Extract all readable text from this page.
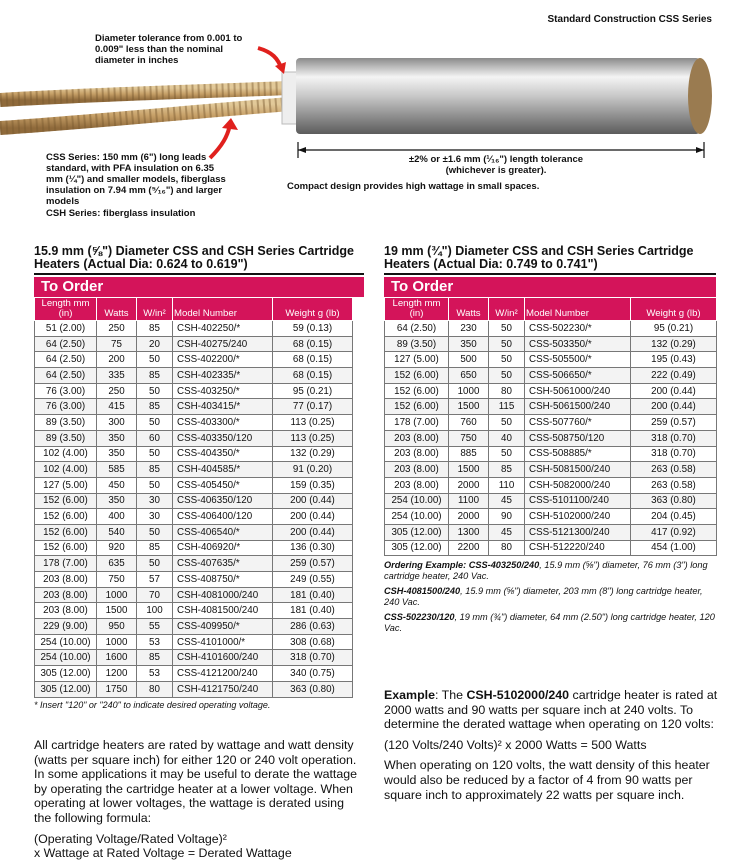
Standard Construction CSS Series
Diameter tolerance from 0.001 to 0.009" less than the nominal diameter in inches
±2% or ±1.6 mm (¹⁄₁₆") length tolerance (whichever is greater).
Compact design provides high wattage in small spaces.
CSS Series: 150 mm (6") long leads standard, with PFA insulation on 6.35 mm (¼") and smaller models, fiberglass insulation on 7.94 mm (⁵⁄₁₆") and larger models
CSH Series: fiberglass insulation
15.9 mm (⅝") Diameter CSS and CSH Series Cartridge Heaters (Actual Dia: 0.624 to 0.619")
To Order
Length mm (in)	Watts	W/in²	Model Number	Weight g (lb)
51 (2.00)	250	85	CSH-402250/*	59 (0.13)
64 (2.50)	75	20	CSH-40275/240	68 (0.15)
64 (2.50)	200	50	CSS-402200/*	68 (0.15)
64 (2.50)	335	85	CSH-402335/*	68 (0.15)
76 (3.00)	250	50	CSS-403250/*	95 (0.21)
76 (3.00)	415	85	CSH-403415/*	77 (0.17)
89 (3.50)	300	50	CSS-403300/*	113 (0.25)
89 (3.50)	350	60	CSS-403350/120	113 (0.25)
102 (4.00)	350	50	CSS-404350/*	132 (0.29)
102 (4.00)	585	85	CSH-404585/*	91 (0.20)
127 (5.00)	450	50	CSS-405450/*	159 (0.35)
152 (6.00)	350	30	CSS-406350/120	200 (0.44)
152 (6.00)	400	30	CSS-406400/120	200 (0.44)
152 (6.00)	540	50	CSS-406540/*	200 (0.44)
152 (6.00)	920	85	CSH-406920/*	136 (0.30)
178 (7.00)	635	50	CSS-407635/*	259 (0.57)
203 (8.00)	750	57	CSS-408750/*	249 (0.55)
203 (8.00)	1000	70	CSH-4081000/240	181 (0.40)
203 (8.00)	1500	100	CSH-4081500/240	181 (0.40)
229 (9.00)	950	55	CSS-409950/*	286 (0.63)
254 (10.00)	1000	53	CSS-4101000/*	308 (0.68)
254 (10.00)	1600	85	CSH-4101600/240	318 (0.70)
305 (12.00)	1200	53	CSS-4121200/240	340 (0.75)
305 (12.00)	1750	80	CSH-4121750/240	363 (0.80)
* Insert "120" or "240" to indicate desired operating voltage.
19 mm (¾") Diameter CSS and CSH Series Cartridge Heaters (Actual Dia: 0.749 to 0.741")
To Order
Length mm (in)	Watts	W/in²	Model Number	Weight g (lb)
64 (2.50)	230	50	CSS-502230/*	95 (0.21)
89 (3.50)	350	50	CSS-503350/*	132 (0.29)
127 (5.00)	500	50	CSS-505500/*	195 (0.43)
152 (6.00)	650	50	CSS-506650/*	222 (0.49)
152 (6.00)	1000	80	CSH-5061000/240	200 (0.44)
152 (6.00)	1500	115	CSH-5061500/240	200 (0.44)
178 (7.00)	760	50	CSS-507760/*	259 (0.57)
203 (8.00)	750	40	CSS-508750/120	318 (0.70)
203 (8.00)	885	50	CSS-508885/*	318 (0.70)
203 (8.00)	1500	85	CSH-5081500/240	263 (0.58)
203 (8.00)	2000	110	CSH-5082000/240	263 (0.58)
254 (10.00)	1100	45	CSS-5101100/240	363 (0.80)
254 (10.00)	2000	90	CSH-5102000/240	204 (0.45)
305 (12.00)	1300	45	CSS-5121300/240	417 (0.92)
305 (12.00)	2200	80	CSH-512220/240	454 (1.00)
Ordering Example: CSS-403250/240, 15.9 mm (⅝") diameter, 76 mm (3") long cartridge heater, 240 Vac.
CSH-4081500/240, 15.9 mm (⅝") diameter, 203 mm (8") long cartridge heater, 240 Vac.
CSS-502230/120, 19 mm (¾") diameter, 64 mm (2.50") long cartridge heater, 120 Vac.
All cartridge heaters are rated by wattage and watt density (watts per square inch) for either 120 or 240 volt operation. In some applications it may be useful to derate the wattage by operating the cartridge heater at a lower voltage. When operating at lower voltages, the wattage is derated using the following formula:
(Operating Voltage/Rated Voltage)²
x Wattage at Rated Voltage = Derated Wattage
Example: The CSH-5102000/240 cartridge heater is rated at 2000 watts and 90 watts per square inch at 240 volts. To determine the derated wattage when operating on 120 volts:
(120 Volts/240 Volts)² x 2000 Watts = 500 Watts
When operating on 120 volts, the watt density of this heater would also be reduced by a factor of 4 from 90 watts per square inch to approximately 22 watts per square inch.
